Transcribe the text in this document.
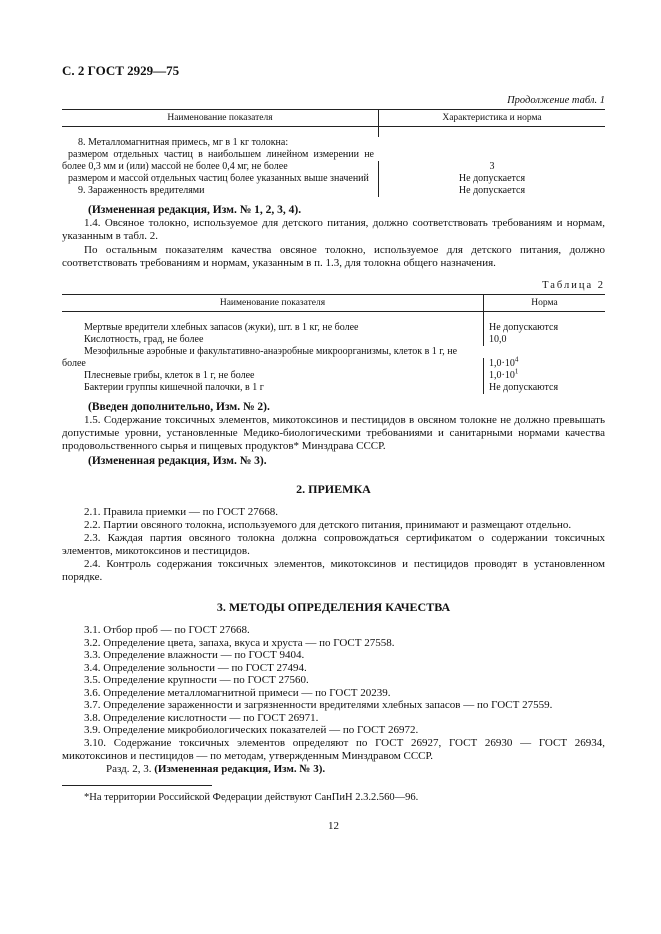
С. 2 ГОСТ 2929—75
Продолжение табл. 1
Наименование показателя	Характеристика и норма
8. Металломагнитная примесь, мг в 1 кг толокна:
размером отдельных частиц в наибольшем линейном измерении не более 0,3 мм и (или) массой не более 0,4 мг, не более	3
размером и массой отдельных частиц более указанных выше значений	Не допускается
9. Зараженность вредителями	Не допускается
(Измененная редакция, Изм. № 1, 2, 3, 4).
1.4. Овсяное толокно, используемое для детского питания, должно соответствовать требованиям и нормам, указанным в табл. 2.
По остальным показателям качества овсяное толокно, используемое для детского питания, должно соответствовать требованиям и нормам, указанным в п. 1.3, для толокна общего назначения.
Таблица 2
Наименование показателя	Норма
Мертвые вредители хлебных запасов (жуки), шт. в 1 кг, не более	Не допускаются
Кислотность, град, не более	10,0
Мезофильные аэробные и факультативно-анаэробные микроорганизмы, клеток в 1 г, не более	$1,0\cdot 10^4$
Плесневые грибы, клеток в 1 г, не более	$1,0\cdot 10^1$
Бактерии группы кишечной палочки, в 1 г	Не допускаются
(Введен дополнительно, Изм. № 2).
1.5. Содержание токсичных элементов, микотоксинов и пестицидов в овсяном толокне не должно превышать допустимые уровни, установленные Медико-биологическими требованиями и санитарными нормами качества продовольственного сырья и пищевых продуктов* Минздрава СССР.
(Измененная редакция, Изм. № 3).
2. ПРИЕМКА
2.1. Правила приемки — по ГОСТ 27668.
2.2. Партии овсяного толокна, используемого для детского питания, принимают и размещают отдельно.
2.3. Каждая партия овсяного толокна должна сопровождаться сертификатом о содержании токсичных элементов, микотоксинов и пестицидов.
2.4. Контроль содержания токсичных элементов, микотоксинов и пестицидов проводят в установленном порядке.
3. МЕТОДЫ ОПРЕДЕЛЕНИЯ КАЧЕСТВА
3.1. Отбор проб — по ГОСТ 27668.
3.2. Определение цвета, запаха, вкуса и хруста — по ГОСТ 27558.
3.3. Определение влажности — по ГОСТ 9404.
3.4. Определение зольности — по ГОСТ 27494.
3.5. Определение крупности — по ГОСТ 27560.
3.6. Определение металломагнитной примеси — по ГОСТ 20239.
3.7. Определение зараженности и загрязненности вредителями хлебных запасов — по ГОСТ 27559.
3.8. Определение кислотности — по ГОСТ 26971.
3.9. Определение микробиологических показателей — по ГОСТ 26972.
3.10. Содержание токсичных элементов определяют по ГОСТ 26927, ГОСТ 26930 — ГОСТ 26934, микотоксинов и пестицидов — по методам, утвержденным Минздравом СССР.
Разд. 2, 3. (Измененная редакция, Изм. № 3).
*На территории Российской Федерации действуют СанПиН 2.3.2.560—96.
12
